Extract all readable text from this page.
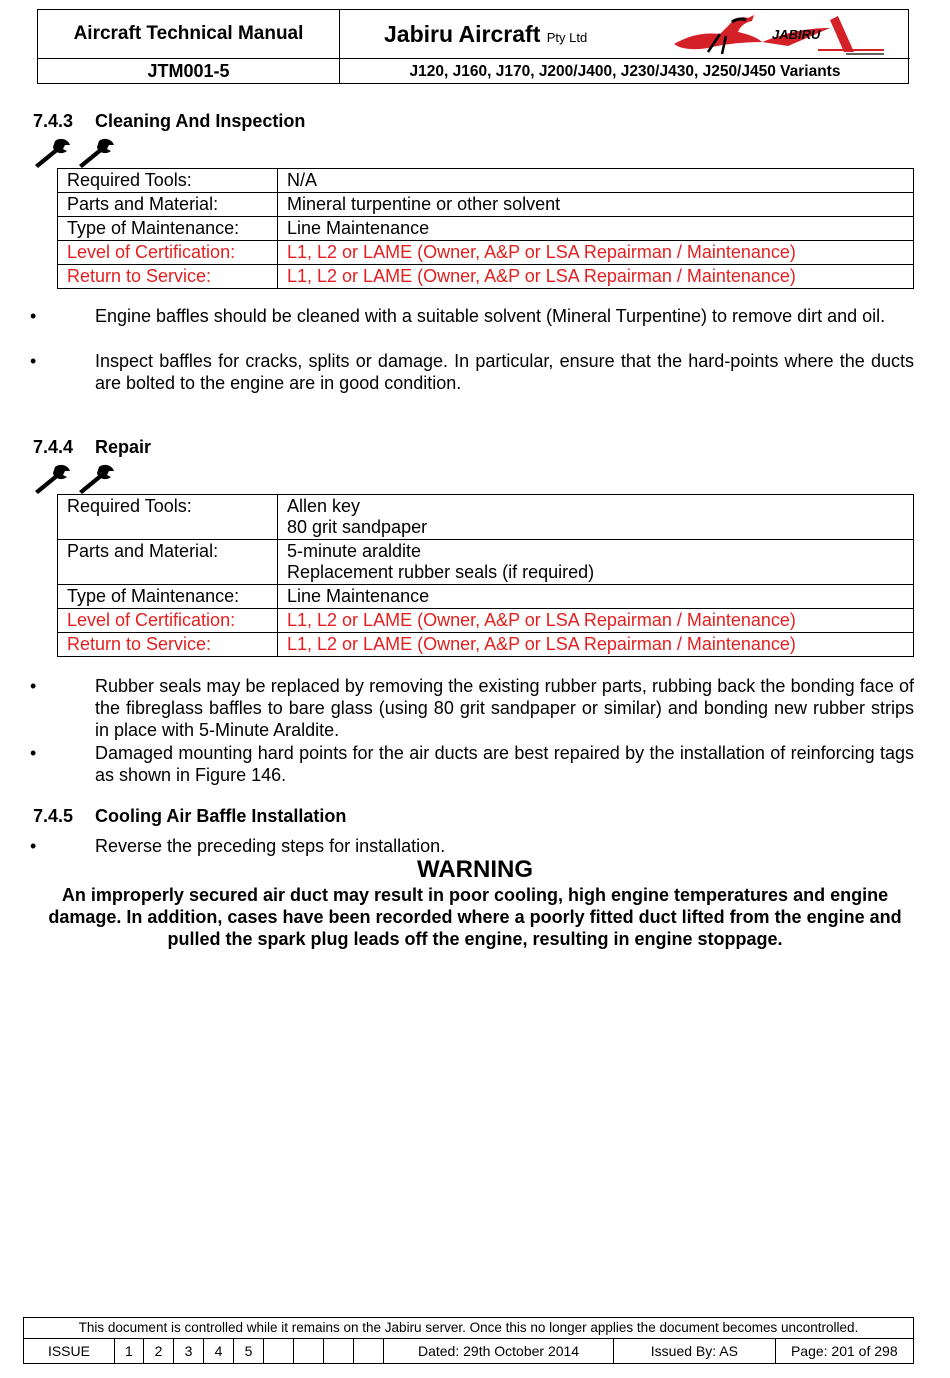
Aircraft Technical Manual	Jabiru Aircraft Pty Ltd	JABIRU
JTM001-5	J120, J160, J170, J200/J400, J230/J430, J250/J450 Variants
7.4.3 Cleaning And Inspection
Required Tools:	N/A

Parts and Material:	Mineral turpentine or other solvent

Type of Maintenance:	Line Maintenance

Level of Certification:	L1, L2 or LAME (Owner, A&P or LSA Repairman / Maintenance)

Return to Service:	L1, L2 or LAME (Owner, A&P or LSA Repairman / Maintenance)
•	Engine baffles should be cleaned with a suitable solvent (Mineral Turpentine) to remove dirt and oil.
•	Inspect baffles for cracks, splits or damage. In particular, ensure that the hard-points where the ducts are bolted to the engine are in good condition.
7.4.4 Repair
Required Tools:	Allen key
80 grit sandpaper

Parts and Material:	5-minute araldite
Replacement rubber seals (if required)

Type of Maintenance:	Line Maintenance

Level of Certification:	L1, L2 or LAME (Owner, A&P or LSA Repairman / Maintenance)

Return to Service:	L1, L2 or LAME (Owner, A&P or LSA Repairman / Maintenance)
•	Rubber seals may be replaced by removing the existing rubber parts, rubbing back the bonding face of the fibreglass baffles to bare glass (using 80 grit sandpaper or similar) and bonding new rubber strips in place with 5-Minute Araldite.
•	Damaged mounting hard points for the air ducts are best repaired by the installation of reinforcing tags as shown in Figure 146.
7.4.5 Cooling Air Baffle Installation
•	Reverse the preceding steps for installation.
WARNING
An improperly secured air duct may result in poor cooling, high engine temperatures and engine damage. In addition, cases have been recorded where a poorly fitted duct lifted from the engine and pulled the spark plug leads off the engine, resulting in engine stoppage.
This document is controlled while it remains on the Jabiru server. Once this no longer applies the document becomes uncontrolled.
ISSUE	1	2	3	4	5	Dated: 29th October 2014	Issued By: AS	Page: 201 of 298
